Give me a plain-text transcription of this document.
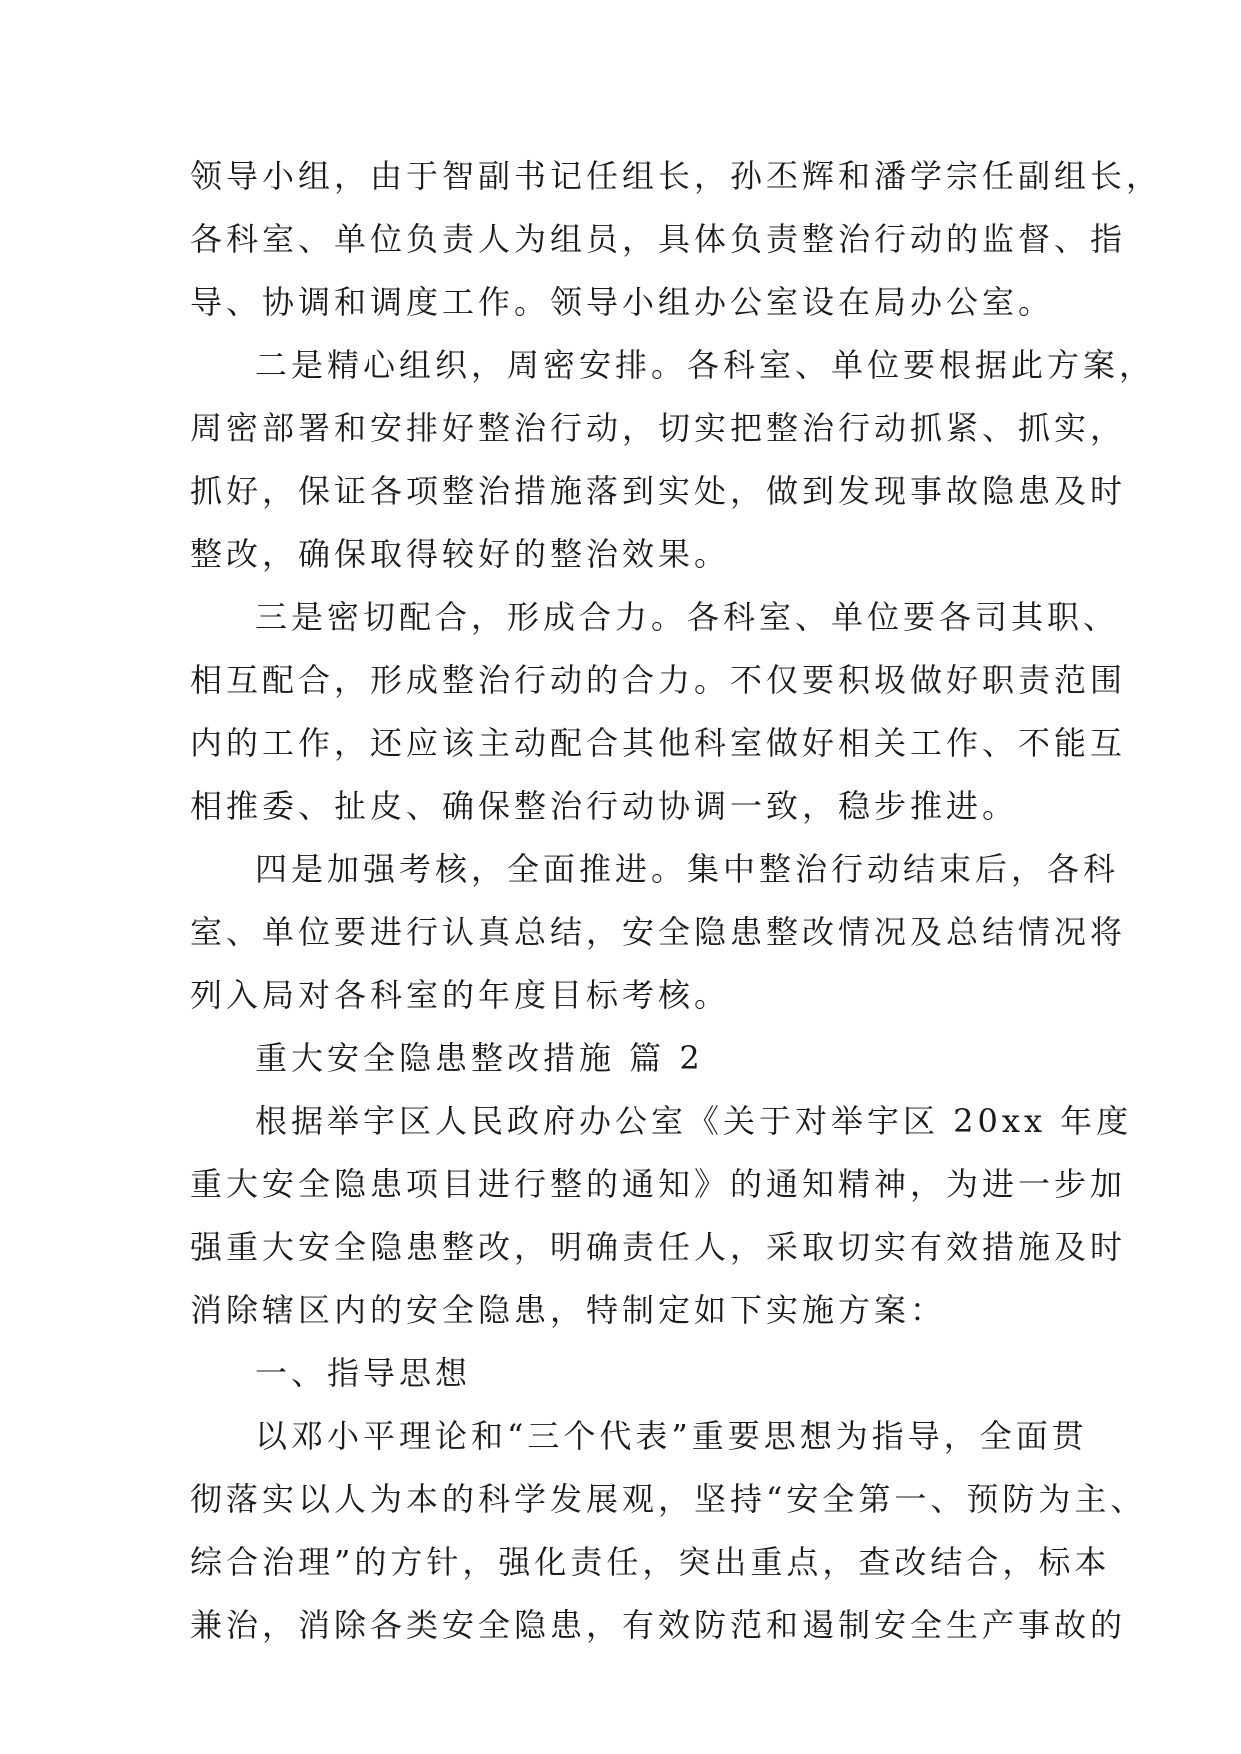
领导小组，由于智副书记任组长，孙丕辉和潘学宗任副组长，
各科室、单位负责人为组员，具体负责整治行动的监督、指
导、协调和调度工作。领导小组办公室设在局办公室。
二是精心组织，周密安排。各科室、单位要根据此方案，
周密部署和安排好整治行动，切实把整治行动抓紧、抓实，
抓好，保证各项整治措施落到实处，做到发现事故隐患及时
整改，确保取得较好的整治效果。
三是密切配合，形成合力。各科室、单位要各司其职、
相互配合，形成整治行动的合力。不仅要积圾做好职责范围
内的工作，还应该主动配合其他科室做好相关工作、不能互
相推委、扯皮、确保整治行动协调一致，稳步推进。
四是加强考核，全面推进。集中整治行动结束后，各科
室、单位要进行认真总结，安全隐患整改情况及总结情况将
列入局对各科室的年度目标考核。
重大安全隐患整改措施 篇 2
根据举宇区人民政府办公室《关于对举宇区 20xx 年度
重大安全隐患项目进行整的通知》的通知精神，为进一步加
强重大安全隐患整改，明确责任人，采取切实有效措施及时
消除辖区内的安全隐患，特制定如下实施方案：
一、指导思想
以邓小平理论和“三个代表”重要思想为指导，全面贯
彻落实以人为本的科学发展观，坚持“安全第一、预防为主、
综合治理”的方针，强化责任，突出重点，查改结合，标本
兼治，消除各类安全隐患，有效防范和遏制安全生产事故的
